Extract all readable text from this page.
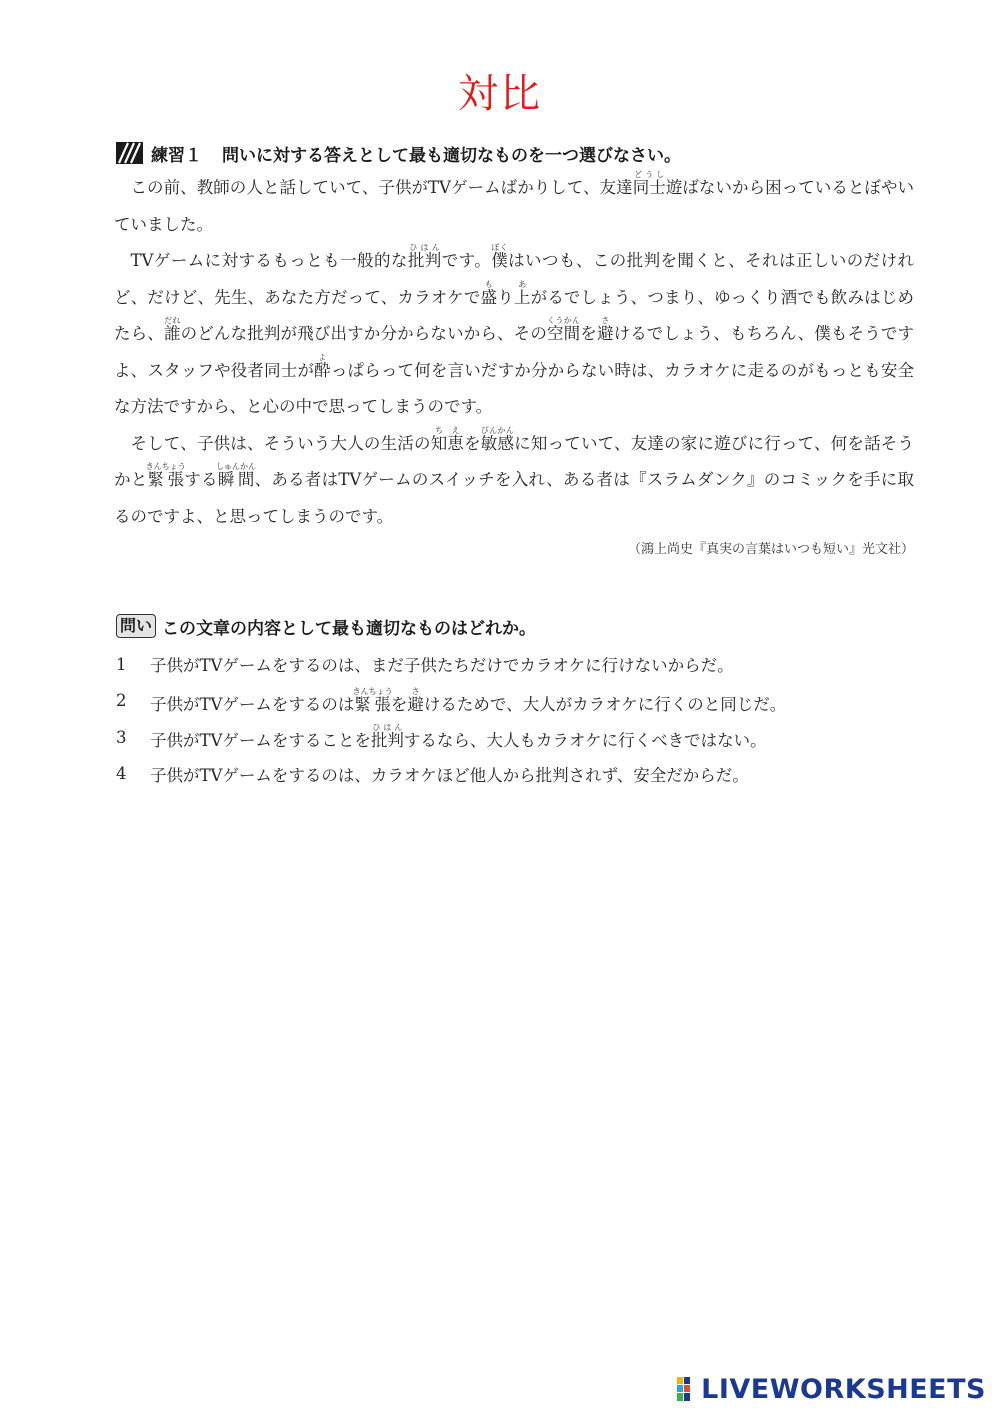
対比
練習１ 問いに対する答えとして最も適切なものを一つ選びなさい。

この前、教師の人と話していて、子供がTVゲームばかりして、友達同士どうし遊ばないから困っているとぼやいていました。

TVゲームに対するもっとも一般的な批判ひはんです。僕ぼくはいつも、この批判を聞くと、それは正しいのだけれど、だけど、先生、あなた方だって、カラオケで盛もり上あがるでしょう、つまり、ゆっくり酒でも飲みはじめたら、誰だれのどんな批判が飛び出すか分からないから、その空間くうかんを避さけるでしょう、もちろん、僕もそうですよ、スタッフや役者同士が酔よっぱらって何を言いだすか分からない時は、カラオケに走るのがもっとも安全な方法ですから、と心の中で思ってしまうのです。

そして、子供は、そういう大人の生活の知恵ちえを敏感びんかんに知っていて、友達の家に遊びに行って、何を話そうかと緊張きんちょうする瞬間しゅんかん、ある者はTVゲームのスイッチを入れ、ある者は『スラムダンク』のコミックを手に取るのですよ、と思ってしまうのです。

（鴻上尚史『真実の言葉はいつも短い』光文社）
問い この文章の内容として最も適切なものはどれか。
1	子供がTVゲームをするのは、まだ子供たちだけでカラオケに行けないからだ。
2	子供がTVゲームをするのは緊張きんちょうを避さけるためで、大人がカラオケに行くのと同じだ。
3	子供がTVゲームをすることを批判ひはんするなら、大人もカラオケに行くべきではない。
4	子供がTVゲームをするのは、カラオケほど他人から批判されず、安全だからだ。
LIVEWORKSHEETS
